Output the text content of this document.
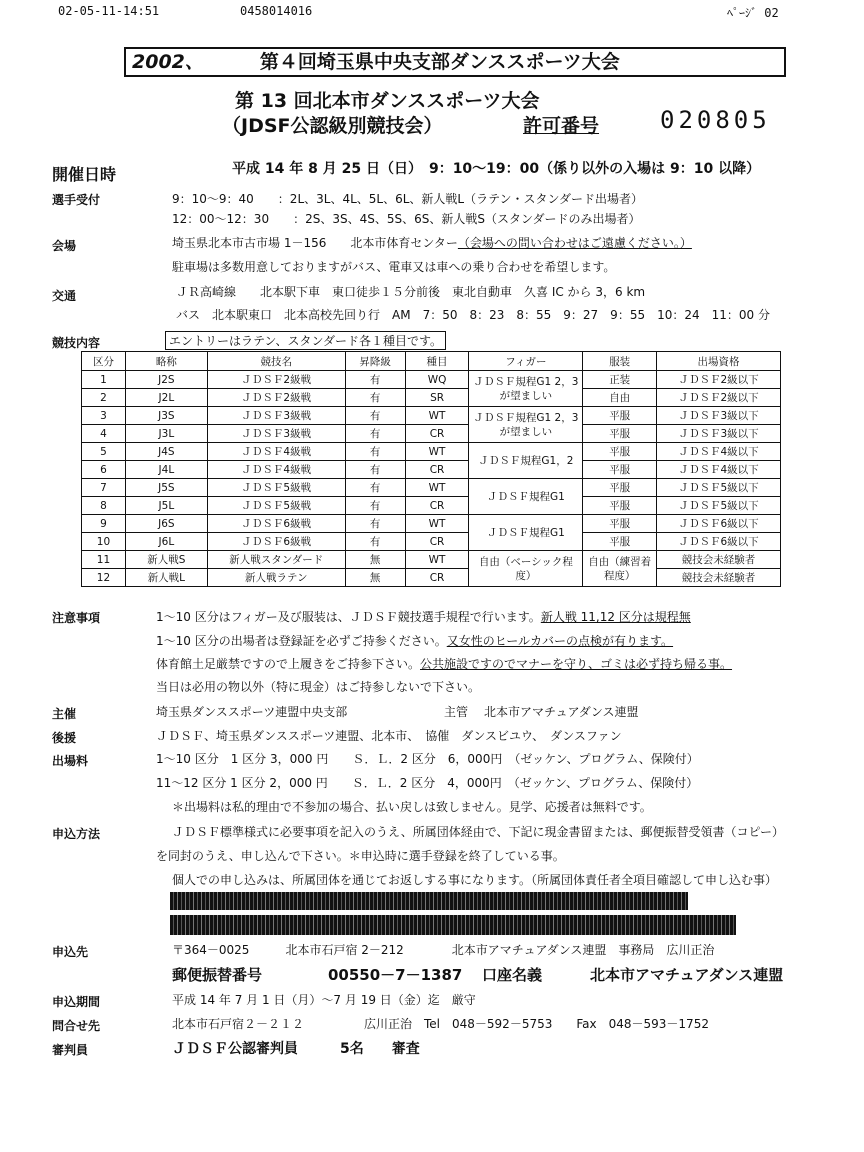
02-05-11-14:51	0458014016	ﾍﾟｰｼﾞ 02
2002、	第４回埼玉県中央支部ダンススポーツ大会
第 13 回北本市ダンススポーツ大会
（JDSF公認級別競技会）	許可番号	020805
開催日時	平成 14 年 8 月 25 日（日）　9：10～19：00（係り以外の入場は 9：10 以降）
選手受付	9：10～9：40　　：2L、3L、4L、5L、6L、新人戦L（ラテン・スタンダード出場者）
12：00～12：30　　：2S、3S、4S、5S、6S、新人戦S（スタンダードのみ出場者）
会場	埼玉県北本市古市場 1－156　　北本市体育センター（会場への問い合わせはご遠慮ください。）
駐車場は多数用意しておりますがバス、電車又は車への乗り合わせを希望します。
交通	ＪＲ高崎線　　北本駅下車　東口徒歩１５分前後　東北自動車　久喜 IC から 3，6 km
バス　北本駅東口　北本高校先回り行　AM　7：50　8：23　8：55　9：27　9：55　10：24　11：00 分
競技内容	エントリーはラテン、スタンダード各１種目です。
区分	略称	競技名	昇降級	種目	フィガー	服装	出場資格
1	J2S	ＪＤＳＦ2級戦	有	WQ	ＪＤＳＦ規程G1 2，3が望ましい	正装	ＪＤＳＦ2級以下
2	J2L	ＪＤＳＦ2級戦	有	SR		自由	ＪＤＳＦ2級以下
3	J3S	ＪＤＳＦ3級戦	有	WT	ＪＤＳＦ規程G1 2，3が望ましい	平服	ＪＤＳＦ3級以下
4	J3L	ＪＤＳＦ3級戦	有	CR		平服	ＪＤＳＦ3級以下
5	J4S	ＪＤＳＦ4級戦	有	WT	ＪＤＳＦ規程G1，2	平服	ＪＤＳＦ4級以下
6	J4L	ＪＤＳＦ4級戦	有	CR		平服	ＪＤＳＦ4級以下
7	J5S	ＪＤＳＦ5級戦	有	WT	ＪＤＳＦ規程G1	平服	ＪＤＳＦ5級以下
8	J5L	ＪＤＳＦ5級戦	有	CR		平服	ＪＤＳＦ5級以下
9	J6S	ＪＤＳＦ6級戦	有	WT	ＪＤＳＦ規程G1	平服	ＪＤＳＦ6級以下
10	J6L	ＪＤＳＦ6級戦	有	CR		平服	ＪＤＳＦ6級以下
11	新人戦S	新人戦スタンダード	無	WT	自由（ベーシック程度）	自由（練習着程度）	競技会未経験者
12	新人戦L	新人戦ラテン	無	CR			競技会未経験者
注意事項	1～10 区分はフィガー及び服装は、ＪＤＳＦ競技選手規程で行います。新人戦 11,12 区分は規程無
1～10 区分の出場者は登録証を必ずご持参ください。又女性のヒールカバーの点検が有ります。
体育館土足厳禁ですので上履きをご持参下さい。公共施設ですのでマナーを守り、ゴミは必ず持ち帰る事。
当日は必用の物以外（特に現金）はご持参しないで下さい。
主催	埼玉県ダンススポーツ連盟中央支部	主管 北本市アマチュアダンス連盟
後援	ＪＤＳＦ、埼玉県ダンススポーツ連盟、北本市、　協催　ダンスビユウ、　ダンスファン
出場料	1～10 区分　1 区分 3，000 円　　Ｓ．Ｌ．2 区分　6，000円　（ゼッケン、プログラム、保険付）
11～12 区分 1 区分 2，000 円　　Ｓ．Ｌ．2 区分　4，000円　（ゼッケン、プログラム、保険付）
＊出場料は私的理由で不参加の場合、払い戻しは致しません。見学、応援者は無料です。
申込方法	ＪＤＳＦ標準様式に必要事項を記入のうえ、所属団体経由で、下記に現金書留または、郵便振替受領書（コピー）
を同封のうえ、申し込んで下さい。＊申込時に選手登録を終了している事。
個人での申し込みは、所属団体を通じてお返しする事になります。（所属団体責任者全項目確認して申し込む事）
申込先	〒364－0025　　　北本市石戸宿 2－212　　　　北本市アマチュアダンス連盟　事務局　広川正治
郵便振替番号	00550－7－1387 口座名義	北本市アマチュアダンス連盟
申込期間	平成 14 年 7 月 1 日（月）～7 月 19 日（金）迄　厳守
問合せ先	北本市石戸宿２－２１２　　　　　広川正治　Tel　048－592－5753　　Fax　048－593－1752
審判員	ＪＤＳＦ公認審判員　　　5名　　審査
